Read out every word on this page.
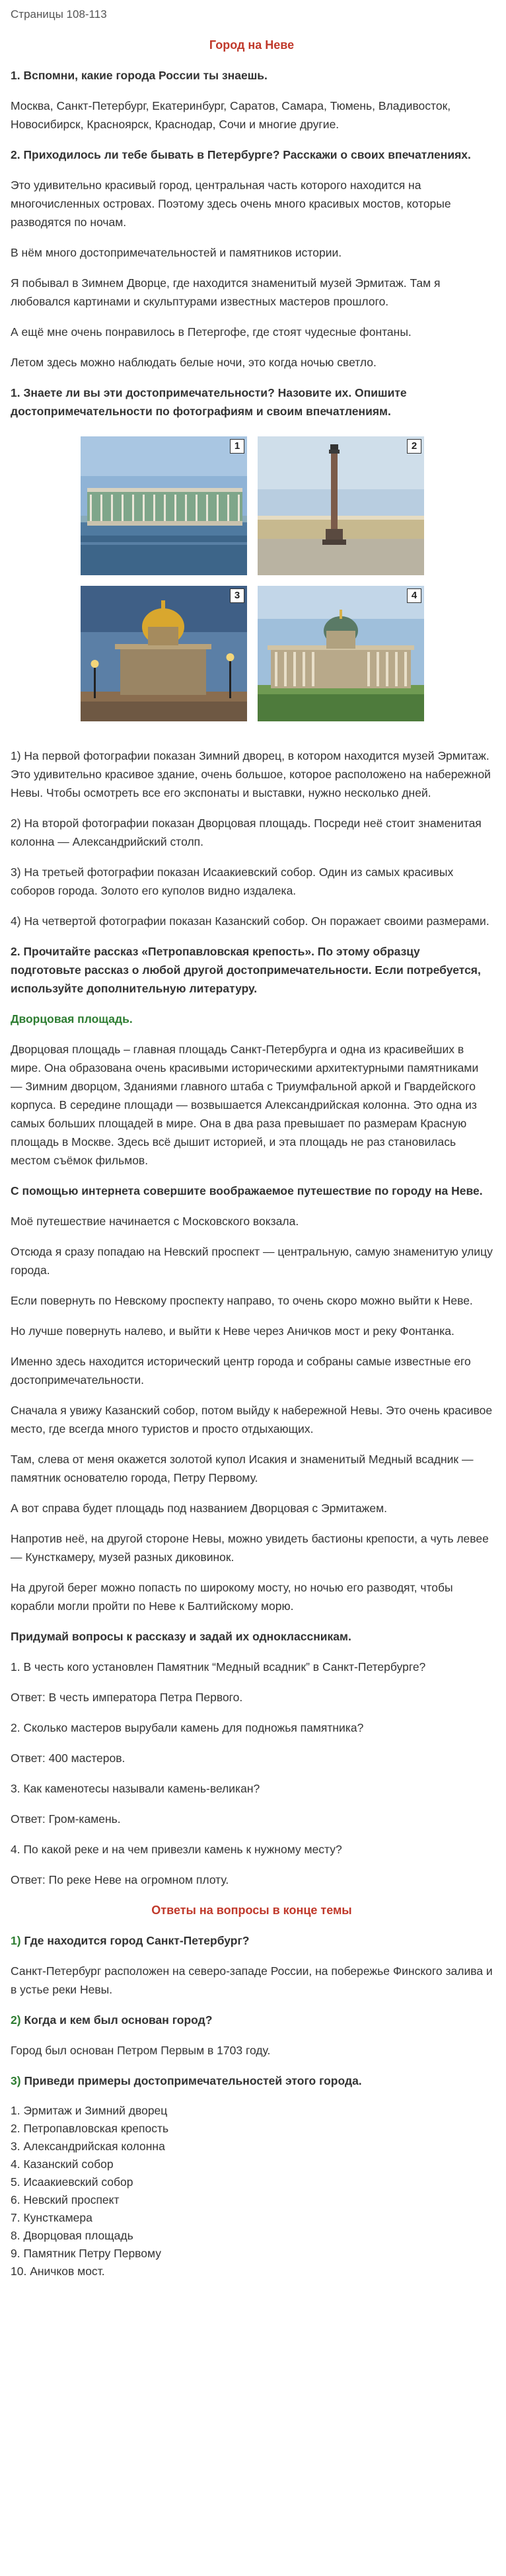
Страницы 108-113
Город на Неве

1. Вспомни, какие города России ты знаешь.

Москва, Санкт-Петербург, Екатеринбург, Саратов, Самара, Тюмень, Владивосток, Новосибирск, Красноярск, Краснодар, Сочи и многие другие.

2. Приходилось ли тебе бывать в Петербурге? Расскажи о своих впечатлениях.

Это удивительно красивый город, центральная часть которого находится на многочисленных островах. Поэтому здесь очень много красивых мостов, которые разводятся по ночам.

В нём много достопримечательностей и памятников истории.

Я побывал в Зимнем Дворце, где находится знаменитый музей Эрмитаж. Там я любовался картинами и скульптурами известных мастеров прошлого.

А ещё мне очень понравилось в Петергофе, где стоят чудесные фонтаны.

Летом здесь можно наблюдать белые ночи, это когда ночью светло.

1. Знаете ли вы эти достопримечательности? Назовите их. Опишите достопримечательности по фотографиям и своим впечатлениям.

1	2
3	4

1) На первой фотографии показан Зимний дворец, в котором находится музей Эрмитаж. Это удивительно красивое здание, очень большое, которое расположено на набережной Невы. Чтобы осмотреть все его экспонаты и выставки, нужно несколько дней.

2) На второй фотографии показан Дворцовая площадь. Посреди неё стоит знаменитая колонна — Александрийский столп.

3) На третьей фотографии показан Исаакиевский собор. Один из самых красивых соборов города. Золото его куполов видно издалека.

4) На четвертой фотографии показан Казанский собор. Он поражает своими размерами.

2. Прочитайте рассказ «Петропавловская крепость». По этому образцу подготовьте рассказ о любой другой достопримечательности. Если потребуется, используйте дополнительную литературу.

Дворцовая площадь.

Дворцовая площадь – главная площадь Санкт-Петербурга и одна из красивейших в мире. Она образована очень красивыми историческими архитектурными памятниками — Зимним дворцом, Зданиями главного штаба с Триумфальной аркой и Гвардейского корпуса. В середине площади — возвышается Александрийская колонна. Это одна из самых больших площадей в мире. Она в два раза превышает по размерам Красную площадь в Москве. Здесь всё дышит историей, и эта площадь не раз становилась местом съёмок фильмов.

С помощью интернета совершите воображаемое путешествие по городу на Неве.

Моё путешествие начинается с Московского вокзала.

Отсюда я сразу попадаю на Невский проспект — центральную, самую знаменитую улицу города.

Если повернуть по Невскому проспекту направо, то очень скоро можно выйти к Неве.

Но лучше повернуть налево, и выйти к Неве через Аничков мост и реку Фонтанка.

Именно здесь находится исторический центр города и собраны самые известные его достопримечательности.

Сначала я увижу Казанский собор, потом выйду к набережной Невы. Это очень красивое место, где всегда много туристов и просто отдыхающих.

Там, слева от меня окажется золотой купол Исакия и знаменитый Медный всадник — памятник основателю города, Петру Первому.

А вот справа будет площадь под названием Дворцовая с Эрмитажем.

Напротив неё, на другой стороне Невы, можно увидеть бастионы крепости, а чуть левее — Кунсткамеру, музей разных диковинок.

На другой берег можно попасть по широкому мосту, но ночью его разводят, чтобы корабли могли пройти по Неве к Балтийскому морю.

Придумай вопросы к рассказу и задай их одноклассникам.

1. В честь кого установлен Памятник “Медный всадник” в Санкт-Петербурге?

Ответ: В честь императора Петра Первого.

2. Сколько мастеров вырубали камень для подножья памятника?

Ответ: 400 мастеров.

3. Как каменотесы называли камень-великан?

Ответ: Гром-камень.

4. По какой реке и на чем привезли камень к нужному месту?

Ответ: По реке Неве на огромном плоту.

Ответы на вопросы в конце темы

1) Где находится город Санкт-Петербург?

Санкт-Петербург расположен на северо-западе России, на побережье Финского залива и в устье реки Невы.

2) Когда и кем был основан город?

Город был основан Петром Первым в 1703 году.

3) Приведи примеры достопримечательностей этого города.

1. Эрмитаж и Зимний дворец
2. Петропавловская крепость
3. Александрийская колонна
4. Казанский собор
5. Исаакиевский собор
6. Невский проспект
7. Кунсткамера
8. Дворцовая площадь
9. Памятник Петру Первому
10. Аничков мост.
